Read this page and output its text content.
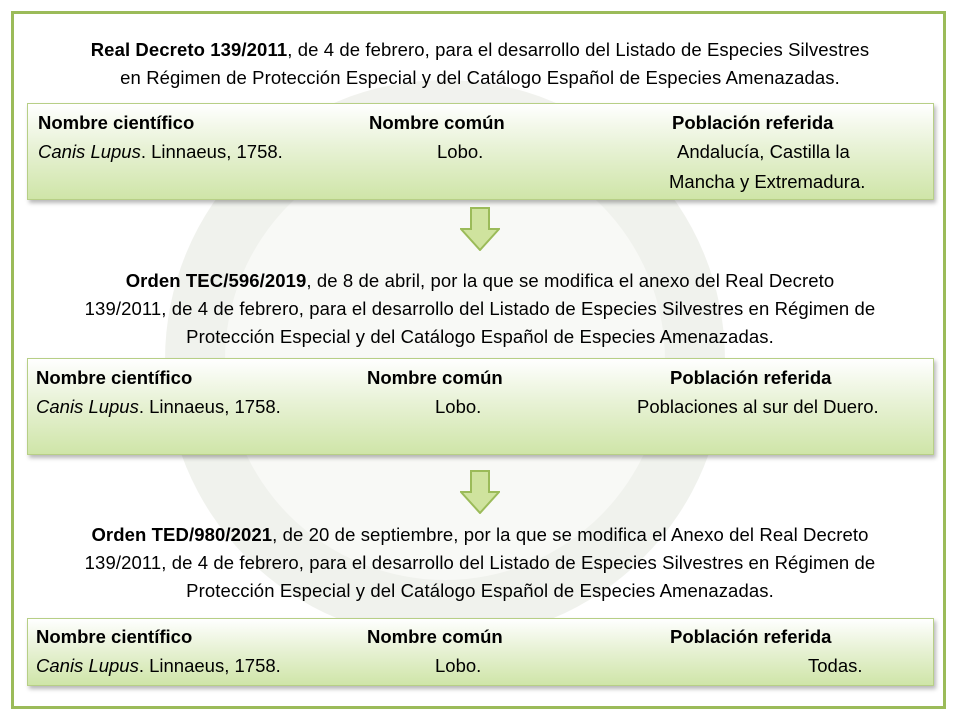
Real Decreto 139/2011, de 4 de febrero, para el desarrollo del Listado de Especies Silvestres
en Régimen de Protección Especial y del Catálogo Español de Especies Amenazadas.
Nombre científico	Nombre común	Población referida
Canis Lupus. Linnaeus, 1758.	Lobo.	Andalucía, Castilla la
Mancha y Extremadura.
Orden TEC/596/2019, de 8 de abril, por la que se modifica el anexo del Real Decreto
139/2011, de 4 de febrero, para el desarrollo del Listado de Especies Silvestres en Régimen de
Protección Especial y del Catálogo Español de Especies Amenazadas.
Nombre científico	Nombre común	Población referida
Canis Lupus. Linnaeus, 1758.	Lobo.	Poblaciones al sur del Duero.
Orden TED/980/2021, de 20 de septiembre, por la que se modifica el Anexo del Real Decreto
139/2011, de 4 de febrero, para el desarrollo del Listado de Especies Silvestres en Régimen de
Protección Especial y del Catálogo Español de Especies Amenazadas.
Nombre científico	Nombre común	Población referida
Canis Lupus. Linnaeus, 1758.	Lobo.	Todas.
